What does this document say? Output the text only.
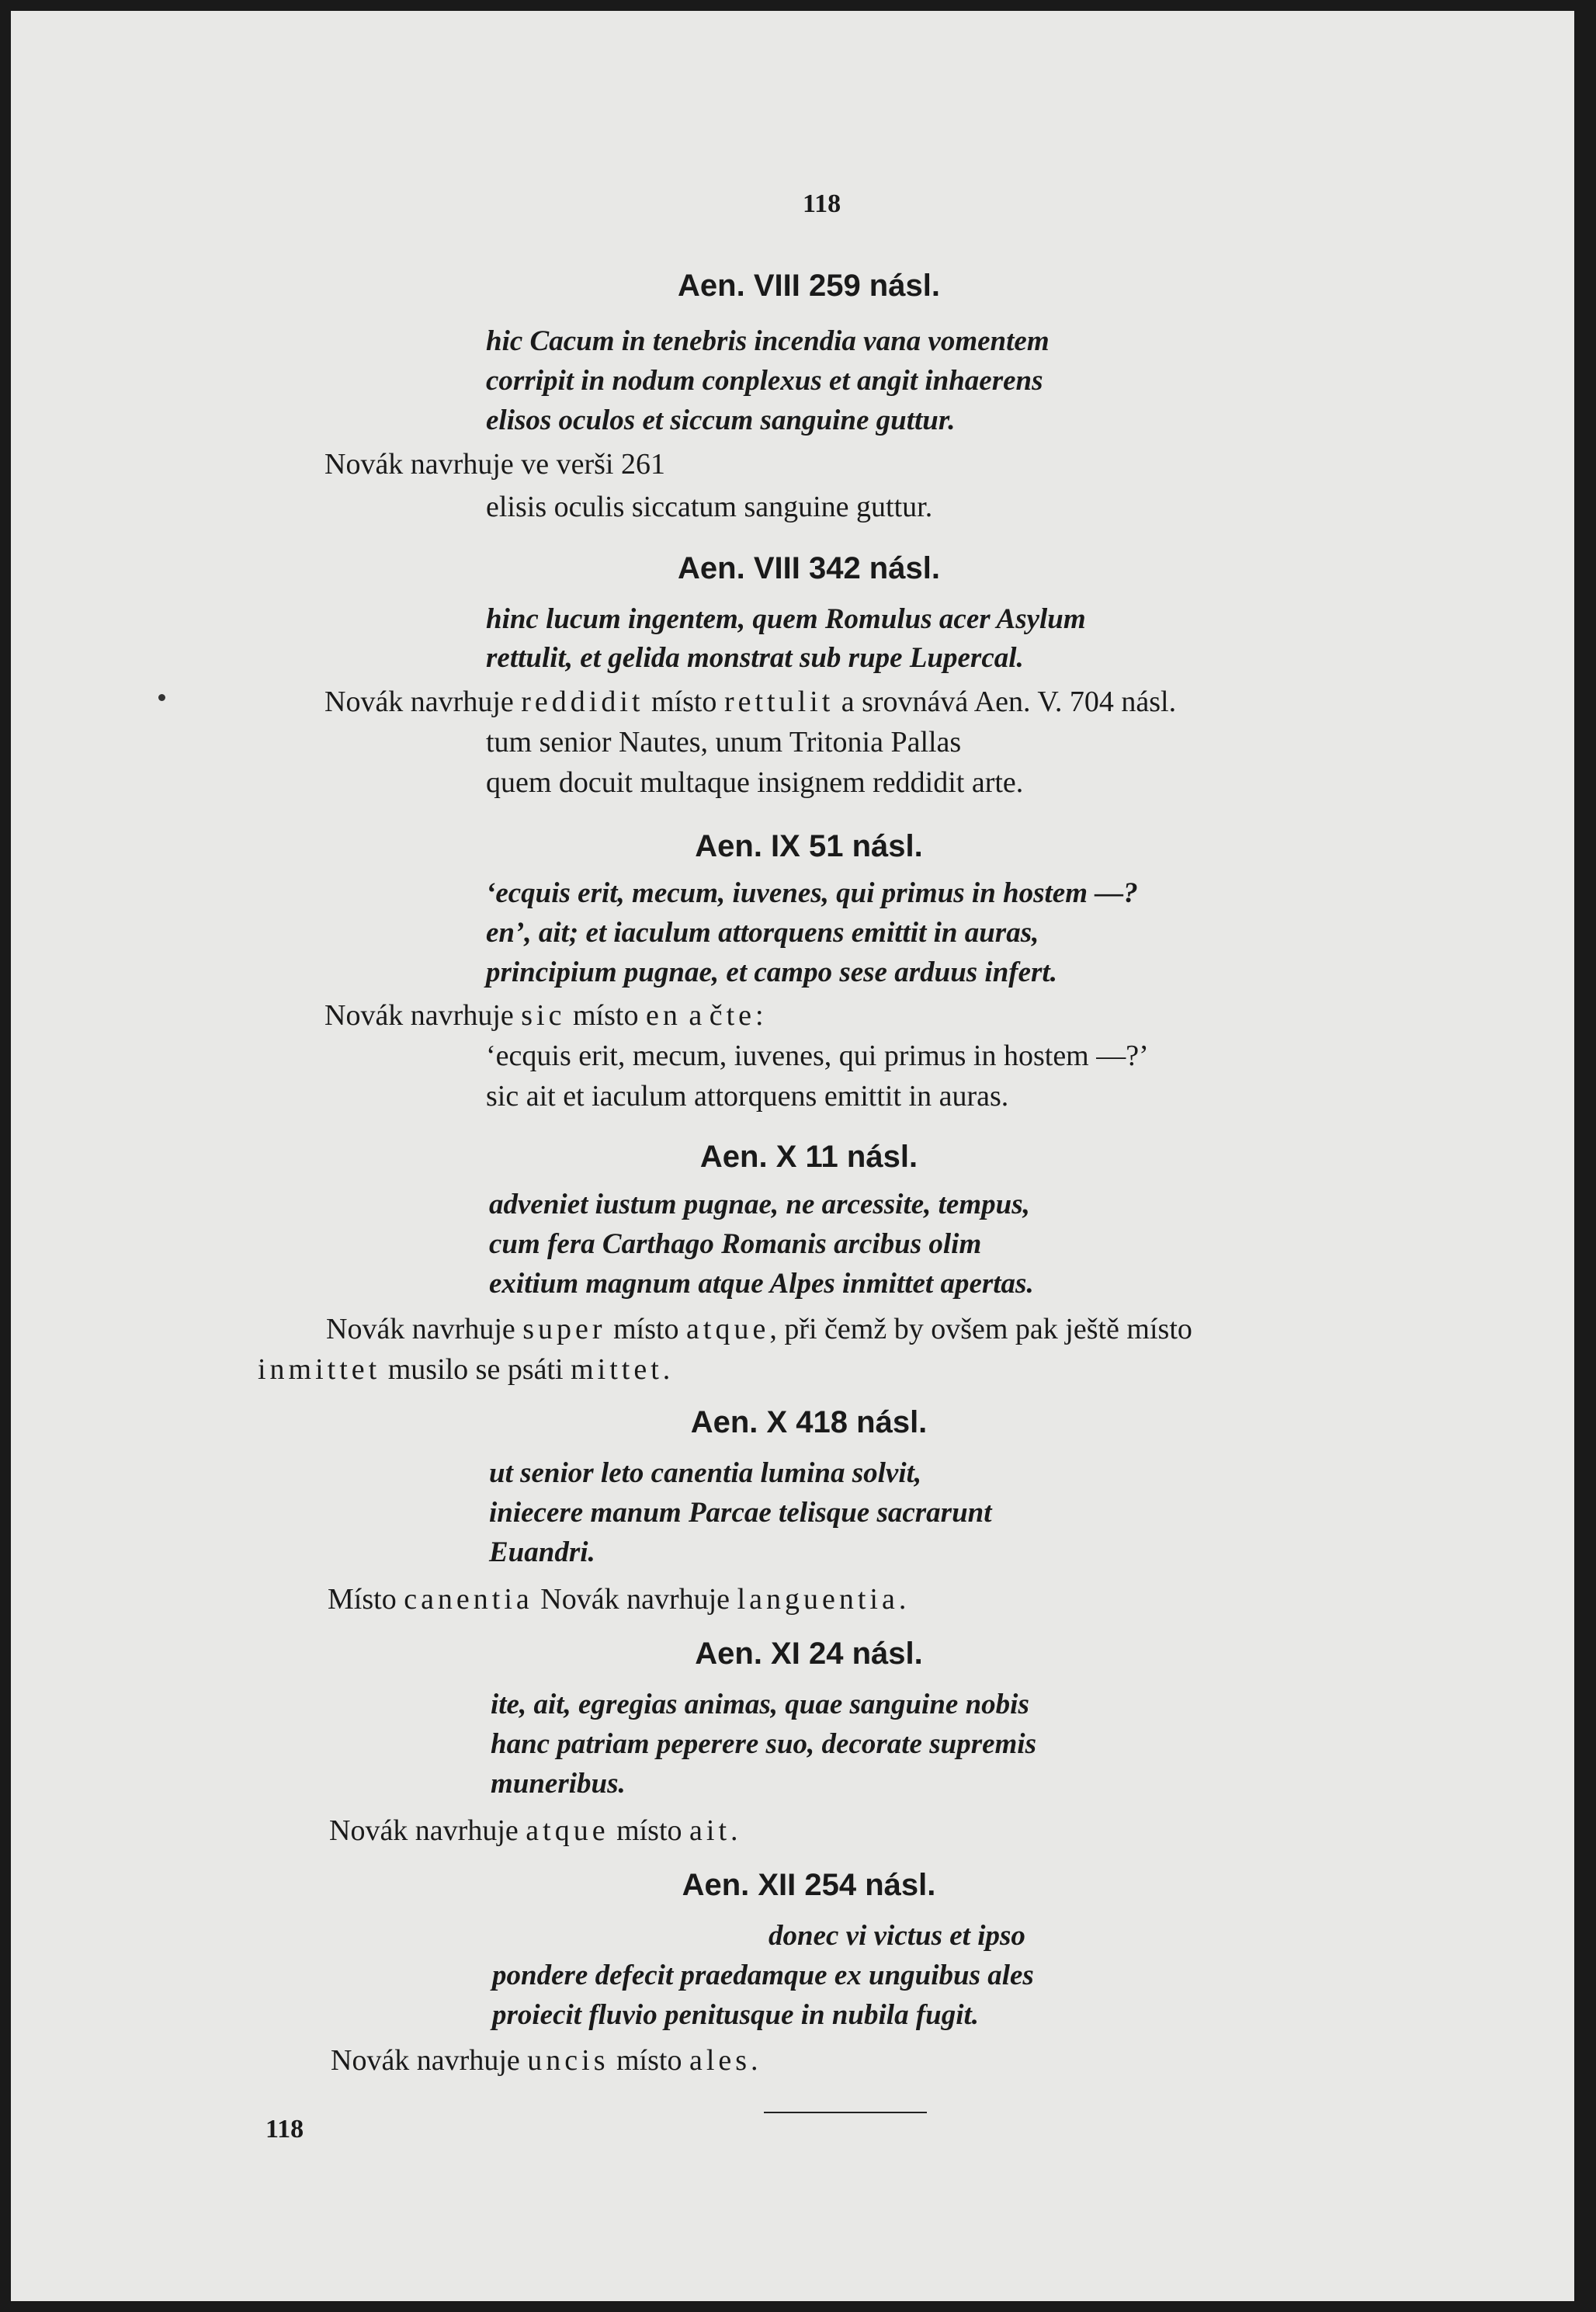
118
Aen. VIII 259 násl.
hic Cacum in tenebris incendia vana vomentem
corripit in nodum conplexus et angit inhaerens
elisos oculos et siccum sanguine guttur.
Novák navrhuje ve verši 261
elisis oculis siccatum sanguine guttur.
Aen. VIII 342 násl.
hinc lucum ingentem, quem Romulus acer Asylum
rettulit, et gelida monstrat sub rupe Lupercal.
Novák navrhuje reddidit místo rettulit a srovnává Aen. V. 704 násl.
tum senior Nautes, unum Tritonia Pallas
quem docuit multaque insignem reddidit arte.
Aen. IX 51 násl.
‘ecquis erit, mecum, iuvenes, qui primus in hostem —?
en’, ait; et iaculum attorquens emittit in auras,
principium pugnae, et campo sese arduus infert.
Novák navrhuje sic místo en a čte:
‘ecquis erit, mecum, iuvenes, qui primus in hostem —?’
sic ait et iaculum attorquens emittit in auras.
Aen. X 11 násl.
adveniet iustum pugnae, ne arcessite, tempus,
cum fera Carthago Romanis arcibus olim
exitium magnum atque Alpes inmittet apertas.
Novák navrhuje super místo atque, při čemž by ovšem pak ještě místo
inmittet musilo se psáti mittet.
Aen. X 418 násl.
ut senior leto canentia lumina solvit,
iniecere manum Parcae telisque sacrarunt
Euandri.
Místo canentia Novák navrhuje languentia.
Aen. XI 24 násl.
ite, ait, egregias animas, quae sanguine nobis
hanc patriam peperere suo, decorate supremis
muneribus.
Novák navrhuje atque místo ait.
Aen. XII 254 násl.
donec vi victus et ipso
pondere defecit praedamque ex unguibus ales
proiecit fluvio penitusque in nubila fugit.
Novák navrhuje uncis místo ales.
118
